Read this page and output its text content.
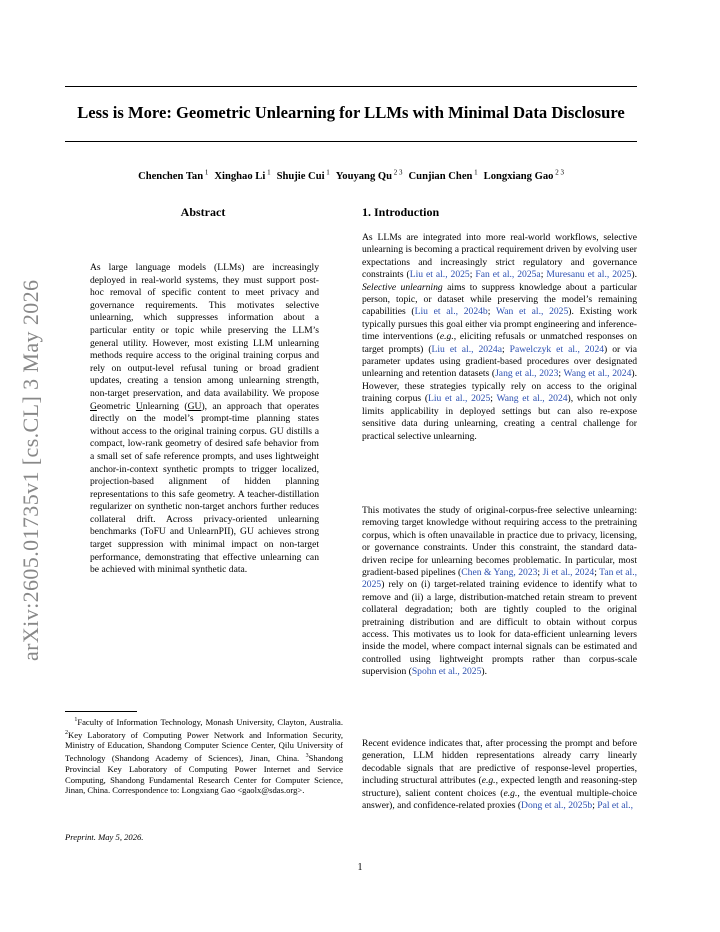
arXiv:2605.01735v1 [cs.CL] 3 May 2026
Less is More: Geometric Unlearning for LLMs with Minimal Data Disclosure
Chenchen Tan $^1$ Xinghao Li $^1$ Shujie Cui $^1$ Youyang Qu $^{2 3}$ Cunjian Chen $^1$ Longxiang Gao $^{2 3}$
Abstract
As large language models (LLMs) are increasingly deployed in real-world systems, they must support post-hoc removal of specific content to meet privacy and governance requirements. This motivates selective unlearning, which suppresses information about a particular entity or topic while preserving the LLM’s general utility. However, most existing LLM unlearning methods require access to the original training corpus and rely on output-level refusal tuning or broad gradient updates, creating a tension among unlearning strength, non-target preservation, and data availability. We propose Geometric Unlearning (GU), an approach that operates directly on the model’s prompt-time planning states without access to the original training corpus. GU distills a compact, low-rank geometry of desired safe behavior from a small set of safe reference prompts, and uses lightweight anchor-in-context synthetic prompts to trigger localized, projection-based alignment of hidden planning representations to this safe geometry. A teacher-distillation regularizer on synthetic non-target anchors further reduces collateral drift. Across privacy-oriented unlearning benchmarks (ToFU and UnlearnPII), GU achieves strong target suppression with minimal impact on non-target performance, demonstrating that effective unlearning can be achieved with minimal synthetic data.
$^1$Faculty of Information Technology, Monash University, Clayton, Australia. $^2$Key Laboratory of Computing Power Network and Information Security, Ministry of Education, Shandong Computer Science Center, Qilu University of Technology (Shandong Academy of Sciences), Jinan, China. $^3$Shandong Provincial Key Laboratory of Computing Power Internet and Service Computing, Shandong Fundamental Research Center for Computer Science, Jinan, China. Correspondence to: Longxiang Gao <gaolx@sdas.org>.
Preprint. May 5, 2026.
1. Introduction

As LLMs are integrated into more real-world workflows, selective unlearning is becoming a practical requirement driven by evolving user expectations and increasingly strict regulatory and governance constraints (Liu et al., 2025; Fan et al., 2025a; Muresanu et al., 2025). Selective unlearning aims to suppress knowledge about a particular person, topic, or dataset while preserving the model’s remaining capabilities (Liu et al., 2024b; Wan et al., 2025). Existing work typically pursues this goal either via prompt engineering and inference-time interventions (e.g., eliciting refusals or unmatched responses on target prompts) (Liu et al., 2024a; Pawelczyk et al., 2024) or via parameter updates using gradient-based procedures over designated unlearning and retention datasets (Jang et al., 2023; Wang et al., 2024). However, these strategies typically rely on access to the original training corpus (Liu et al., 2025; Wang et al., 2024), which not only limits applicability in deployed settings but can also re-expose sensitive data during unlearning, creating a central challenge for practical selective unlearning.

This motivates the study of original-corpus-free selective unlearning: removing target knowledge without requiring access to the pretraining corpus, which is often unavailable in practice due to privacy, licensing, or governance constraints. Under this constraint, the standard data-driven recipe for unlearning becomes problematic. In particular, most gradient-based pipelines (Chen & Yang, 2023; Ji et al., 2024; Tan et al., 2025) rely on (i) target-related training evidence to identify what to remove and (ii) a large, distribution-matched retain stream to prevent collateral degradation; both are tightly coupled to the original pretraining distribution and are difficult to obtain without corpus access. This motivates us to look for data-efficient unlearning levers inside the model, where compact internal signals can be estimated and controlled using lightweight prompts rather than corpus-scale supervision (Spohn et al., 2025).

Recent evidence indicates that, after processing the prompt and before generation, LLM hidden representations already carry linearly decodable signals that are predictive of response-level properties, including structural attributes (e.g., expected length and reasoning-step structure), salient content choices (e.g., the eventual multiple-choice answer), and confidence-related proxies (Dong et al., 2025b; Pal et al.,

1
